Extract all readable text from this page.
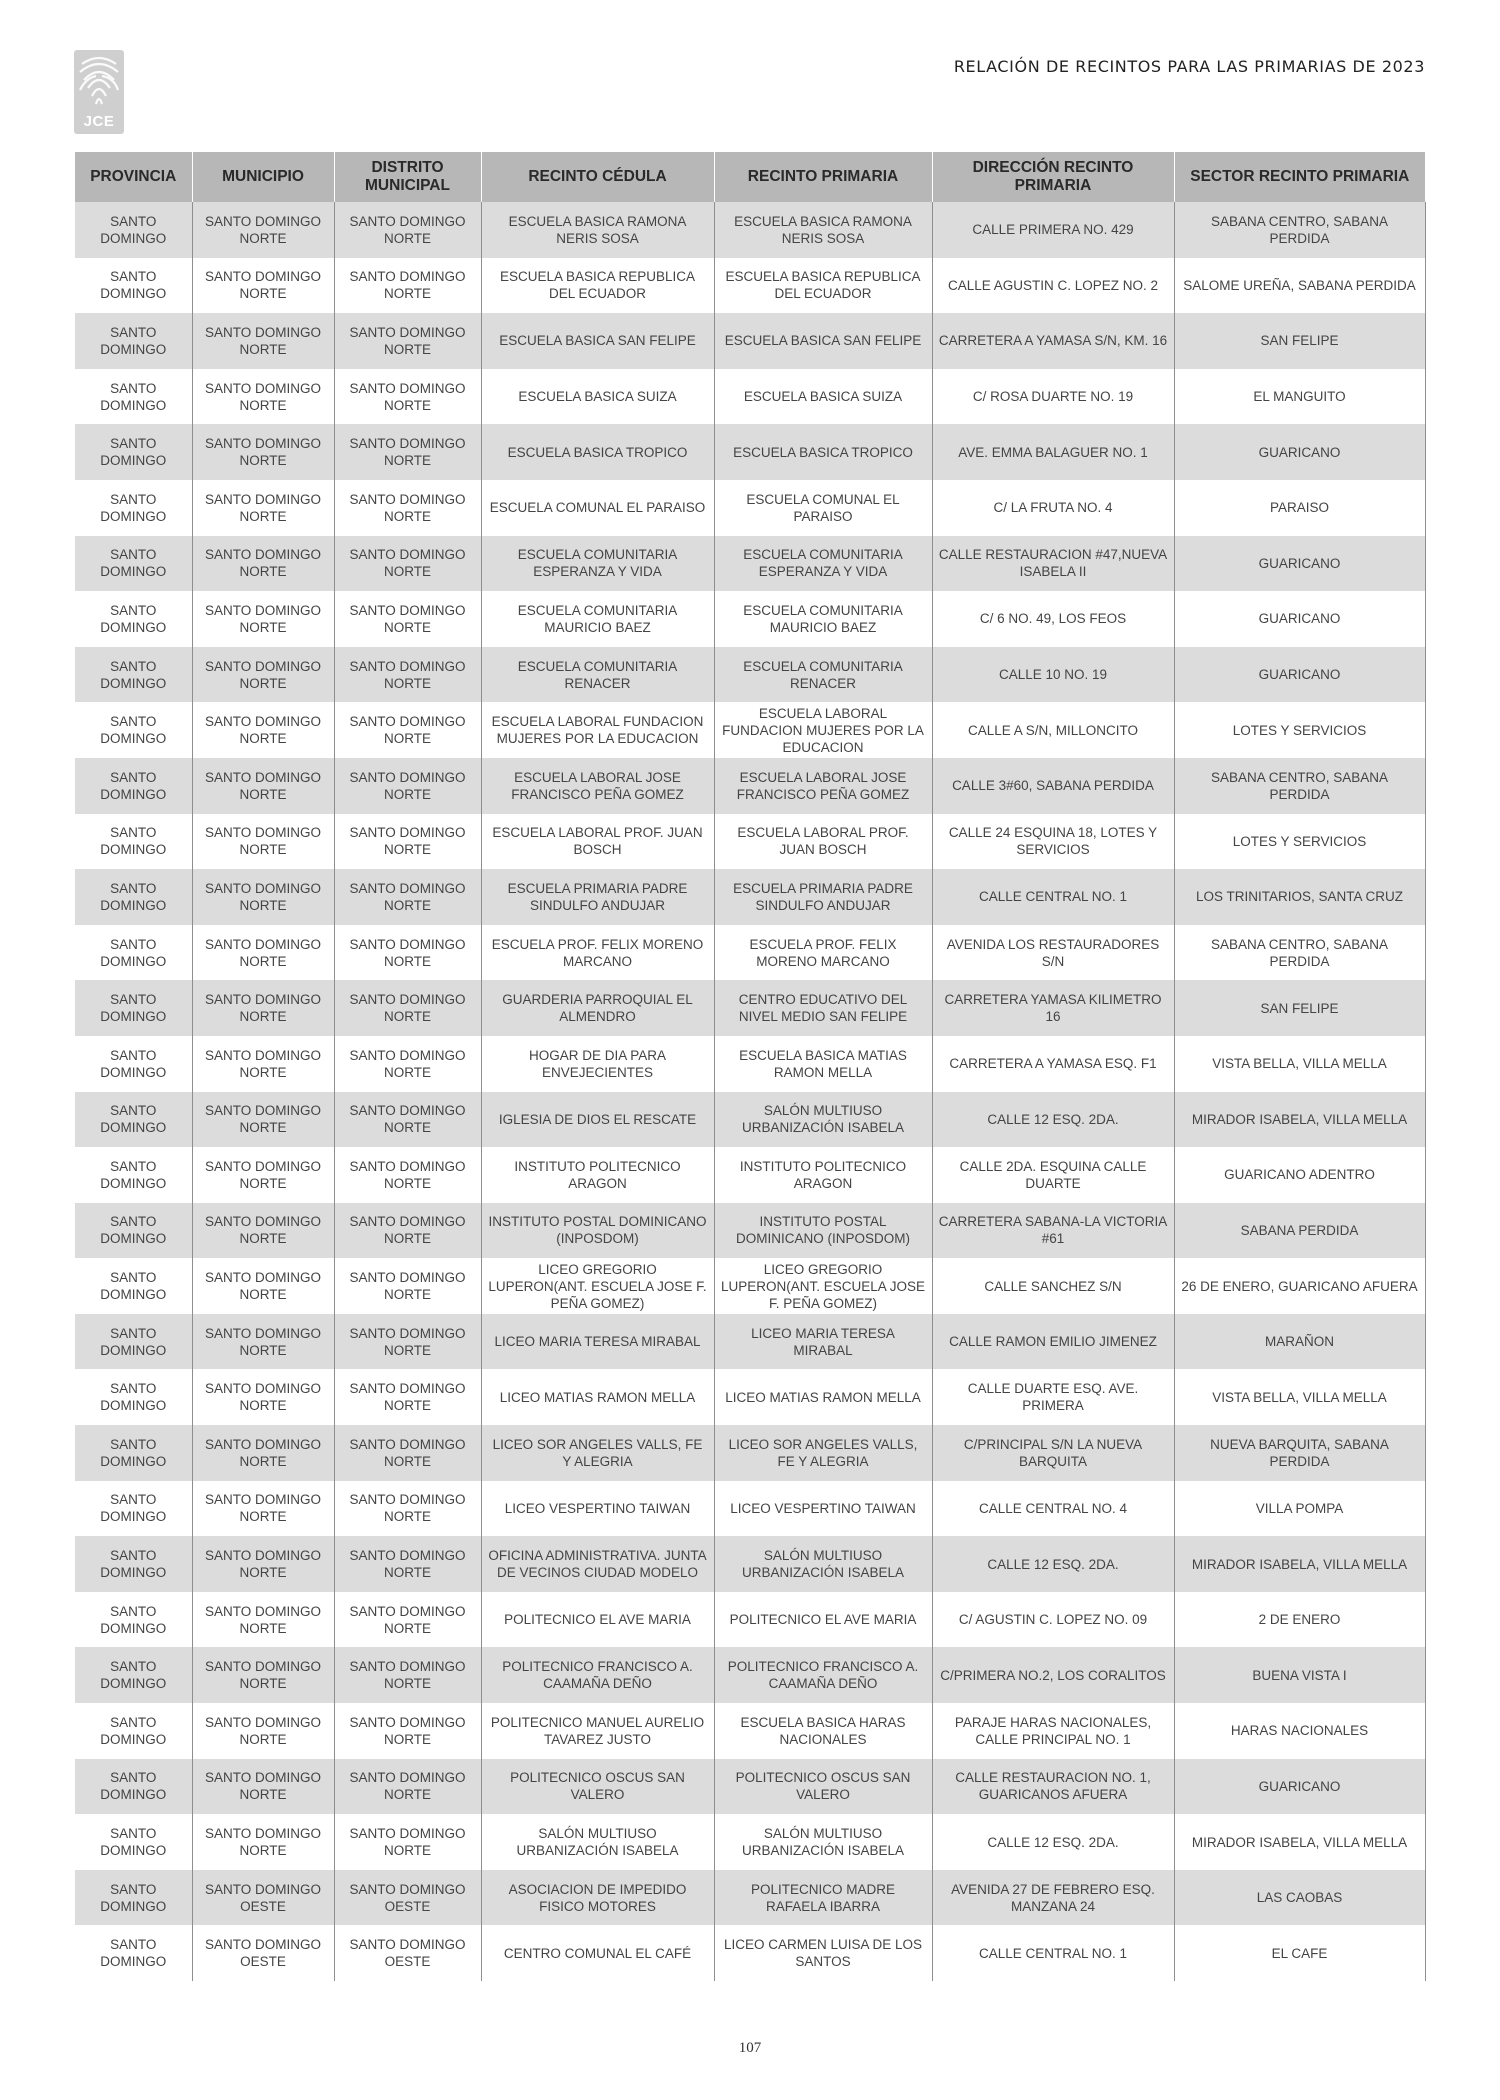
JCE
RELACIÓN DE RECINTOS PARA LAS PRIMARIAS DE 2023
PROVINCIA	MUNICIPIO	DISTRITO MUNICIPAL	RECINTO CÉDULA	RECINTO PRIMARIA	DIRECCIÓN RECINTO PRIMARIA	SECTOR RECINTO PRIMARIA
SANTO DOMINGO	SANTO DOMINGO NORTE	SANTO DOMINGO NORTE	ESCUELA BASICA RAMONA NERIS SOSA	ESCUELA BASICA RAMONA NERIS SOSA	CALLE PRIMERA NO. 429	SABANA CENTRO, SABANA PERDIDA
SANTO DOMINGO	SANTO DOMINGO NORTE	SANTO DOMINGO NORTE	ESCUELA BASICA REPUBLICA DEL ECUADOR	ESCUELA BASICA REPUBLICA DEL ECUADOR	CALLE AGUSTIN C. LOPEZ NO. 2	SALOME UREÑA, SABANA PERDIDA
SANTO DOMINGO	SANTO DOMINGO NORTE	SANTO DOMINGO NORTE	ESCUELA BASICA SAN FELIPE	ESCUELA BASICA SAN FELIPE	CARRETERA A YAMASA S/N, KM. 16	SAN FELIPE
SANTO DOMINGO	SANTO DOMINGO NORTE	SANTO DOMINGO NORTE	ESCUELA BASICA SUIZA	ESCUELA BASICA SUIZA	C/ ROSA DUARTE NO. 19	EL MANGUITO
SANTO DOMINGO	SANTO DOMINGO NORTE	SANTO DOMINGO NORTE	ESCUELA BASICA TROPICO	ESCUELA BASICA TROPICO	AVE. EMMA BALAGUER NO. 1	GUARICANO
SANTO DOMINGO	SANTO DOMINGO NORTE	SANTO DOMINGO NORTE	ESCUELA COMUNAL EL PARAISO	ESCUELA COMUNAL EL PARAISO	C/ LA FRUTA NO. 4	PARAISO
SANTO DOMINGO	SANTO DOMINGO NORTE	SANTO DOMINGO NORTE	ESCUELA COMUNITARIA ESPERANZA Y VIDA	ESCUELA COMUNITARIA ESPERANZA Y VIDA	CALLE RESTAURACION #47,NUEVA ISABELA II	GUARICANO
SANTO DOMINGO	SANTO DOMINGO NORTE	SANTO DOMINGO NORTE	ESCUELA COMUNITARIA MAURICIO BAEZ	ESCUELA COMUNITARIA MAURICIO BAEZ	C/ 6 NO. 49, LOS FEOS	GUARICANO
SANTO DOMINGO	SANTO DOMINGO NORTE	SANTO DOMINGO NORTE	ESCUELA COMUNITARIA RENACER	ESCUELA COMUNITARIA RENACER	CALLE 10 NO. 19	GUARICANO
SANTO DOMINGO	SANTO DOMINGO NORTE	SANTO DOMINGO NORTE	ESCUELA LABORAL FUNDACION MUJERES POR LA EDUCACION	ESCUELA LABORAL FUNDACION MUJERES POR LA EDUCACION	CALLE A S/N, MILLONCITO	LOTES Y SERVICIOS
SANTO DOMINGO	SANTO DOMINGO NORTE	SANTO DOMINGO NORTE	ESCUELA LABORAL JOSE FRANCISCO PEÑA GOMEZ	ESCUELA LABORAL JOSE FRANCISCO PEÑA GOMEZ	CALLE 3#60, SABANA PERDIDA	SABANA CENTRO, SABANA PERDIDA
SANTO DOMINGO	SANTO DOMINGO NORTE	SANTO DOMINGO NORTE	ESCUELA LABORAL PROF. JUAN BOSCH	ESCUELA LABORAL PROF. JUAN BOSCH	CALLE 24 ESQUINA 18, LOTES Y SERVICIOS	LOTES Y SERVICIOS
SANTO DOMINGO	SANTO DOMINGO NORTE	SANTO DOMINGO NORTE	ESCUELA PRIMARIA PADRE SINDULFO ANDUJAR	ESCUELA PRIMARIA PADRE SINDULFO ANDUJAR	CALLE CENTRAL NO. 1	LOS TRINITARIOS, SANTA CRUZ
SANTO DOMINGO	SANTO DOMINGO NORTE	SANTO DOMINGO NORTE	ESCUELA PROF. FELIX MORENO MARCANO	ESCUELA PROF. FELIX MORENO MARCANO	AVENIDA LOS RESTAURADORES S/N	SABANA CENTRO, SABANA PERDIDA
SANTO DOMINGO	SANTO DOMINGO NORTE	SANTO DOMINGO NORTE	GUARDERIA PARROQUIAL EL ALMENDRO	CENTRO EDUCATIVO DEL NIVEL MEDIO SAN FELIPE	CARRETERA YAMASA KILIMETRO 16	SAN FELIPE
SANTO DOMINGO	SANTO DOMINGO NORTE	SANTO DOMINGO NORTE	HOGAR DE DIA PARA ENVEJECIENTES	ESCUELA BASICA MATIAS RAMON MELLA	CARRETERA A YAMASA ESQ. F1	VISTA BELLA, VILLA MELLA
SANTO DOMINGO	SANTO DOMINGO NORTE	SANTO DOMINGO NORTE	IGLESIA DE DIOS EL RESCATE	SALÓN MULTIUSO URBANIZACIÓN ISABELA	CALLE 12 ESQ. 2DA.	MIRADOR ISABELA, VILLA MELLA
SANTO DOMINGO	SANTO DOMINGO NORTE	SANTO DOMINGO NORTE	INSTITUTO POLITECNICO ARAGON	INSTITUTO POLITECNICO ARAGON	CALLE 2DA. ESQUINA CALLE DUARTE	GUARICANO ADENTRO
SANTO DOMINGO	SANTO DOMINGO NORTE	SANTO DOMINGO NORTE	INSTITUTO POSTAL DOMINICANO (INPOSDOM)	INSTITUTO POSTAL DOMINICANO (INPOSDOM)	CARRETERA SABANA-LA VICTORIA #61	SABANA PERDIDA
SANTO DOMINGO	SANTO DOMINGO NORTE	SANTO DOMINGO NORTE	LICEO GREGORIO LUPERON(ANT. ESCUELA JOSE F. PEÑA GOMEZ)	LICEO GREGORIO LUPERON(ANT. ESCUELA JOSE F. PEÑA GOMEZ)	CALLE SANCHEZ S/N	26 DE ENERO, GUARICANO AFUERA
SANTO DOMINGO	SANTO DOMINGO NORTE	SANTO DOMINGO NORTE	LICEO MARIA TERESA MIRABAL	LICEO MARIA TERESA MIRABAL	CALLE RAMON EMILIO JIMENEZ	MARAÑON
SANTO DOMINGO	SANTO DOMINGO NORTE	SANTO DOMINGO NORTE	LICEO MATIAS RAMON MELLA	LICEO MATIAS RAMON MELLA	CALLE DUARTE ESQ. AVE. PRIMERA	VISTA BELLA, VILLA MELLA
SANTO DOMINGO	SANTO DOMINGO NORTE	SANTO DOMINGO NORTE	LICEO SOR ANGELES VALLS, FE Y ALEGRIA	LICEO SOR ANGELES VALLS, FE Y ALEGRIA	C/PRINCIPAL S/N LA NUEVA BARQUITA	NUEVA BARQUITA, SABANA PERDIDA
SANTO DOMINGO	SANTO DOMINGO NORTE	SANTO DOMINGO NORTE	LICEO VESPERTINO TAIWAN	LICEO VESPERTINO TAIWAN	CALLE CENTRAL NO. 4	VILLA POMPA
SANTO DOMINGO	SANTO DOMINGO NORTE	SANTO DOMINGO NORTE	OFICINA ADMINISTRATIVA. JUNTA DE VECINOS CIUDAD MODELO	SALÓN MULTIUSO URBANIZACIÓN ISABELA	CALLE 12 ESQ. 2DA.	MIRADOR ISABELA, VILLA MELLA
SANTO DOMINGO	SANTO DOMINGO NORTE	SANTO DOMINGO NORTE	POLITECNICO EL AVE MARIA	POLITECNICO EL AVE MARIA	C/ AGUSTIN C. LOPEZ NO. 09	2 DE ENERO
SANTO DOMINGO	SANTO DOMINGO NORTE	SANTO DOMINGO NORTE	POLITECNICO FRANCISCO A. CAAMAÑA DEÑO	POLITECNICO FRANCISCO A. CAAMAÑA DEÑO	C/PRIMERA NO.2, LOS CORALITOS	BUENA VISTA I
SANTO DOMINGO	SANTO DOMINGO NORTE	SANTO DOMINGO NORTE	POLITECNICO MANUEL AURELIO TAVAREZ JUSTO	ESCUELA BASICA HARAS NACIONALES	PARAJE HARAS NACIONALES, CALLE PRINCIPAL NO. 1	HARAS NACIONALES
SANTO DOMINGO	SANTO DOMINGO NORTE	SANTO DOMINGO NORTE	POLITECNICO OSCUS SAN VALERO	POLITECNICO OSCUS SAN VALERO	CALLE RESTAURACION NO. 1, GUARICANOS AFUERA	GUARICANO
SANTO DOMINGO	SANTO DOMINGO NORTE	SANTO DOMINGO NORTE	SALÓN MULTIUSO URBANIZACIÓN ISABELA	SALÓN MULTIUSO URBANIZACIÓN ISABELA	CALLE 12 ESQ. 2DA.	MIRADOR ISABELA, VILLA MELLA
SANTO DOMINGO	SANTO DOMINGO OESTE	SANTO DOMINGO OESTE	ASOCIACION DE IMPEDIDO FISICO MOTORES	POLITECNICO MADRE RAFAELA IBARRA	AVENIDA 27 DE FEBRERO ESQ. MANZANA 24	LAS CAOBAS
SANTO DOMINGO	SANTO DOMINGO OESTE	SANTO DOMINGO OESTE	CENTRO COMUNAL EL CAFÉ	LICEO CARMEN LUISA DE LOS SANTOS	CALLE CENTRAL NO. 1	EL CAFE
107
